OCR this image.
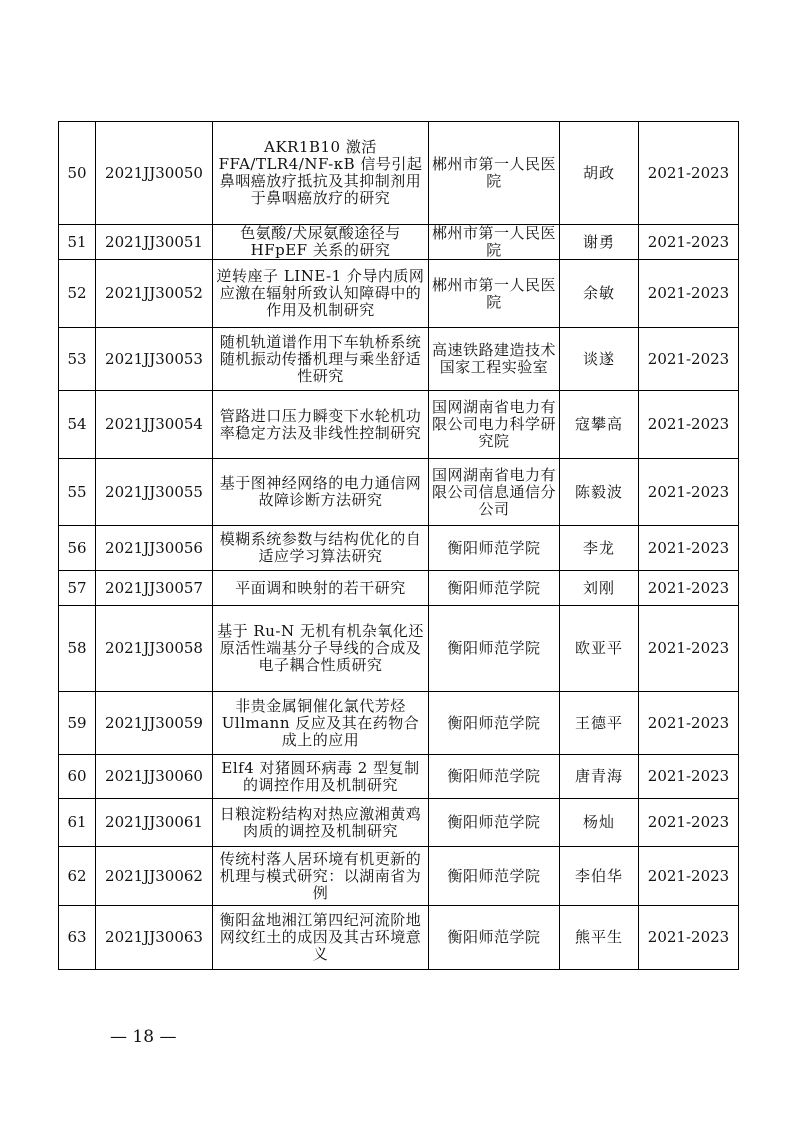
50	2021JJ30050	AKR1B10 激活FFA/TLR4/NF-κB 信号引起鼻咽癌放疗抵抗及其抑制剂用于鼻咽癌放疗的研究	郴州市第一人民医院	胡政	2021-2023
51	2021JJ30051	色氨酸/犬尿氨酸途径与HFpEF 关系的研究	郴州市第一人民医院	谢勇	2021-2023
52	2021JJ30052	逆转座子 LINE-1 介导内质网应激在辐射所致认知障碍中的作用及机制研究	郴州市第一人民医院	余敏	2021-2023
53	2021JJ30053	随机轨道谱作用下车轨桥系统随机振动传播机理与乘坐舒适性研究	高速铁路建造技术国家工程实验室	谈遂	2021-2023
54	2021JJ30054	管路进口压力瞬变下水轮机功率稳定方法及非线性控制研究	国网湖南省电力有限公司电力科学研究院	寇攀高	2021-2023
55	2021JJ30055	基于图神经网络的电力通信网故障诊断方法研究	国网湖南省电力有限公司信息通信分公司	陈毅波	2021-2023
56	2021JJ30056	模糊系统参数与结构优化的自适应学习算法研究	衡阳师范学院	李龙	2021-2023
57	2021JJ30057	平面调和映射的若干研究	衡阳师范学院	刘刚	2021-2023
58	2021JJ30058	基于 Ru-N 无机有机杂氧化还原活性端基分子导线的合成及电子耦合性质研究	衡阳师范学院	欧亚平	2021-2023
59	2021JJ30059	非贵金属铜催化氯代芳烃 Ullmann 反应及其在药物合成上的应用	衡阳师范学院	王德平	2021-2023
60	2021JJ30060	Elf4 对猪圆环病毒 2 型复制的调控作用及机制研究	衡阳师范学院	唐青海	2021-2023
61	2021JJ30061	日粮淀粉结构对热应激湘黄鸡肉质的调控及机制研究	衡阳师范学院	杨灿	2021-2023
62	2021JJ30062	传统村落人居环境有机更新的机理与模式研究：以湖南省为例	衡阳师范学院	李伯华	2021-2023
63	2021JJ30063	衡阳盆地湘江第四纪河流阶地网纹红土的成因及其古环境意义	衡阳师范学院	熊平生	2021-2023
— 18 —
